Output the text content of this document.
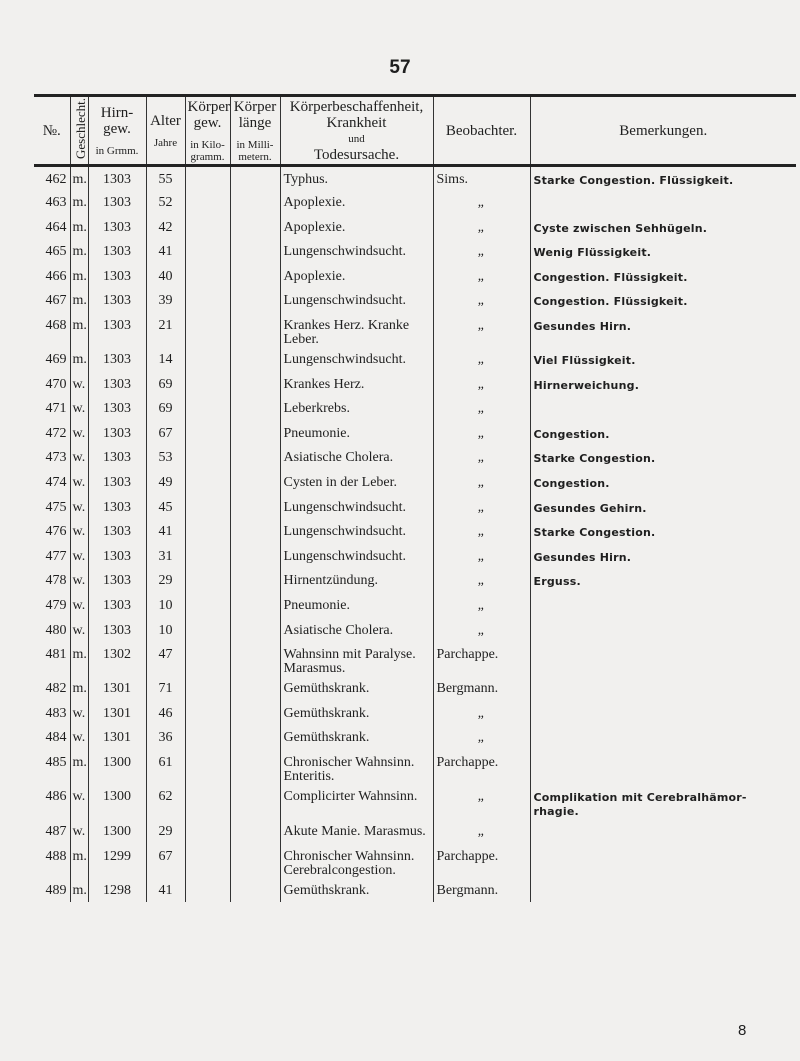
57
№.	Geschlecht.	Hirn-
gew.
in Grmm.	Alter
Jahre	Körper
gew.
in Kilo-gramm.	Körper
länge
in Milli-metern.	Körperbeschaffenheit,
Krankheit
und
Todesursache.	Beobachter.	Bemerkungen.
462	m.	1303	55			Typhus.	Sims.	Starke Congestion. Flüssigkeit.
463	m.	1303	52			Apoplexie.	„	
464	m.	1303	42			Apoplexie.	„	Cyste zwischen Sehhügeln.
465	m.	1303	41			Lungenschwindsucht.	„	Wenig Flüssigkeit.
466	m.	1303	40			Apoplexie.	„	Congestion. Flüssigkeit.
467	m.	1303	39			Lungenschwindsucht.	„	Congestion. Flüssigkeit.
468	m.	1303	21			Krankes Herz. Kranke Leber.	„	Gesundes Hirn.
469	m.	1303	14			Lungenschwindsucht.	„	Viel Flüssigkeit.
470	w.	1303	69			Krankes Herz.	„	Hirnerweichung.
471	w.	1303	69			Leberkrebs.	„	
472	w.	1303	67			Pneumonie.	„	Congestion.
473	w.	1303	53			Asiatische Cholera.	„	Starke Congestion.
474	w.	1303	49			Cysten in der Leber.	„	Congestion.
475	w.	1303	45			Lungenschwindsucht.	„	Gesundes Gehirn.
476	w.	1303	41			Lungenschwindsucht.	„	Starke Congestion.
477	w.	1303	31			Lungenschwindsucht.	„	Gesundes Hirn.
478	w.	1303	29			Hirnentzündung.	„	Erguss.
479	w.	1303	10			Pneumonie.	„	
480	w.	1303	10			Asiatische Cholera.	„	
481	m.	1302	47			Wahnsinn mit Paralyse. Marasmus.	Parchappe.	
482	m.	1301	71			Gemüthskrank.	Bergmann.	
483	w.	1301	46			Gemüthskrank.	„	
484	w.	1301	36			Gemüthskrank.	„	
485	m.	1300	61			Chronischer Wahnsinn. Enteritis.	Parchappe.	
486	w.	1300	62			Complicirter Wahnsinn.	„	Complikation mit Cerebralhämor- rhagie.
487	w.	1300	29			Akute Manie. Marasmus.	„	
488	m.	1299	67			Chronischer Wahnsinn. Cerebralcongestion.	Parchappe.	
489	m.	1298	41			Gemüthskrank.	Bergmann.	
8
